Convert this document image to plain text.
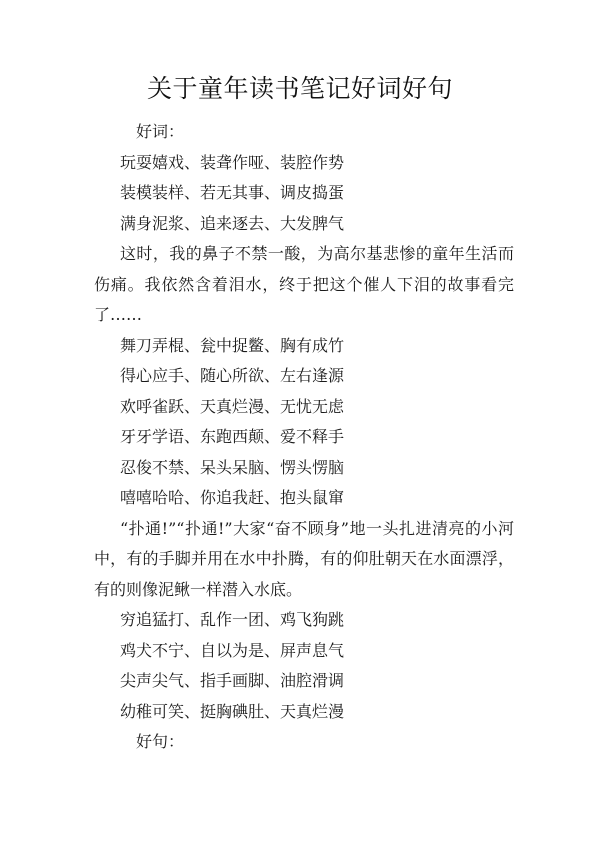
关于童年读书笔记好词好句
好词：
玩耍嬉戏、装聋作哑、装腔作势
装模装样、若无其事、调皮捣蛋
满身泥浆、追来逐去、大发脾气

这时，我的鼻子不禁一酸，为高尔基悲惨的童年生活而伤痛。我依然含着泪水，终于把这个催人下泪的故事看完了……

舞刀弄棍、瓮中捉鳖、胸有成竹
得心应手、随心所欲、左右逢源
欢呼雀跃、天真烂漫、无忧无虑
牙牙学语、东跑西颠、爱不释手
忍俊不禁、呆头呆脑、愣头愣脑
嘻嘻哈哈、你追我赶、抱头鼠窜

“扑通!”“扑通!”大家“奋不顾身”地一头扎进清亮的小河中，有的手脚并用在水中扑腾，有的仰肚朝天在水面漂浮，有的则像泥鳅一样潜入水底。

穷追猛打、乱作一团、鸡飞狗跳
鸡犬不宁、自以为是、屏声息气
尖声尖气、指手画脚、油腔滑调
幼稚可笑、挺胸碘肚、天真烂漫
好句：
